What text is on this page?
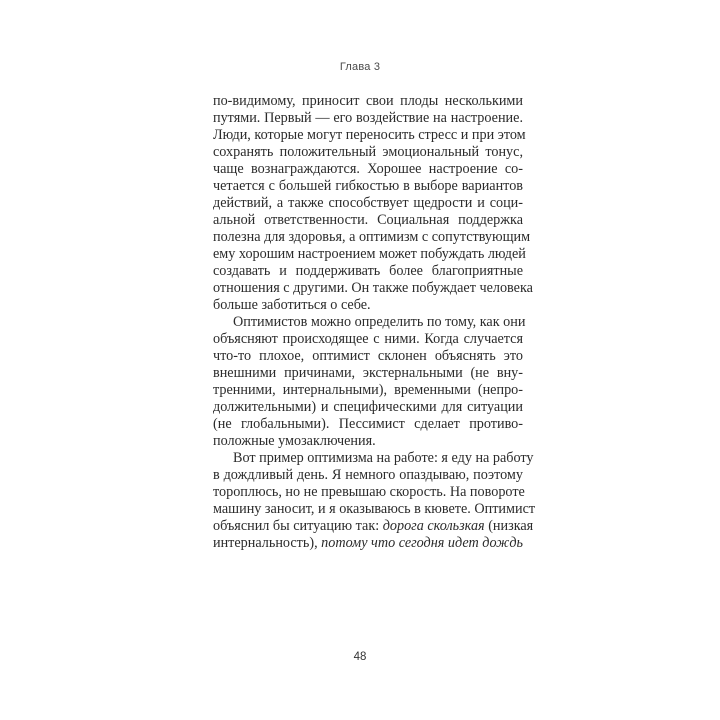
Глава 3
по-видимому, приносит свои плоды несколькими
путями. Первый — его воздействие на настроение.
Люди, которые могут переносить стресс и при этом
сохранять положительный эмоциональный тонус,
чаще вознаграждаются. Хорошее настроение со-
четается с большей гибкостью в выборе вариантов
действий, а также способствует щедрости и соци-
альной ответственности. Социальная поддержка
полезна для здоровья, а оптимизм с сопутствующим
ему хорошим настроением может побуждать людей
создавать и поддерживать более благоприятные
отношения с другими. Он также побуждает человека
больше заботиться о себе.
Оптимистов можно определить по тому, как они
объясняют происходящее с ними. Когда случается
что-то плохое, оптимист склонен объяснять это
внешними причинами, экстернальными (не вну-
тренними, интернальными), временными (непро-
должительными) и специфическими для ситуации
(не глобальными). Пессимист сделает противо-
положные умозаключения.
Вот пример оптимизма на работе: я еду на работу
в дождливый день. Я немного опаздываю, поэтому
тороплюсь, но не превышаю скорость. На повороте
машину заносит, и я оказываюсь в кювете. Оптимист
объяснил бы ситуацию так: дорога скользкая (низкая
интернальность), потому что сегодня идет дождь
48
